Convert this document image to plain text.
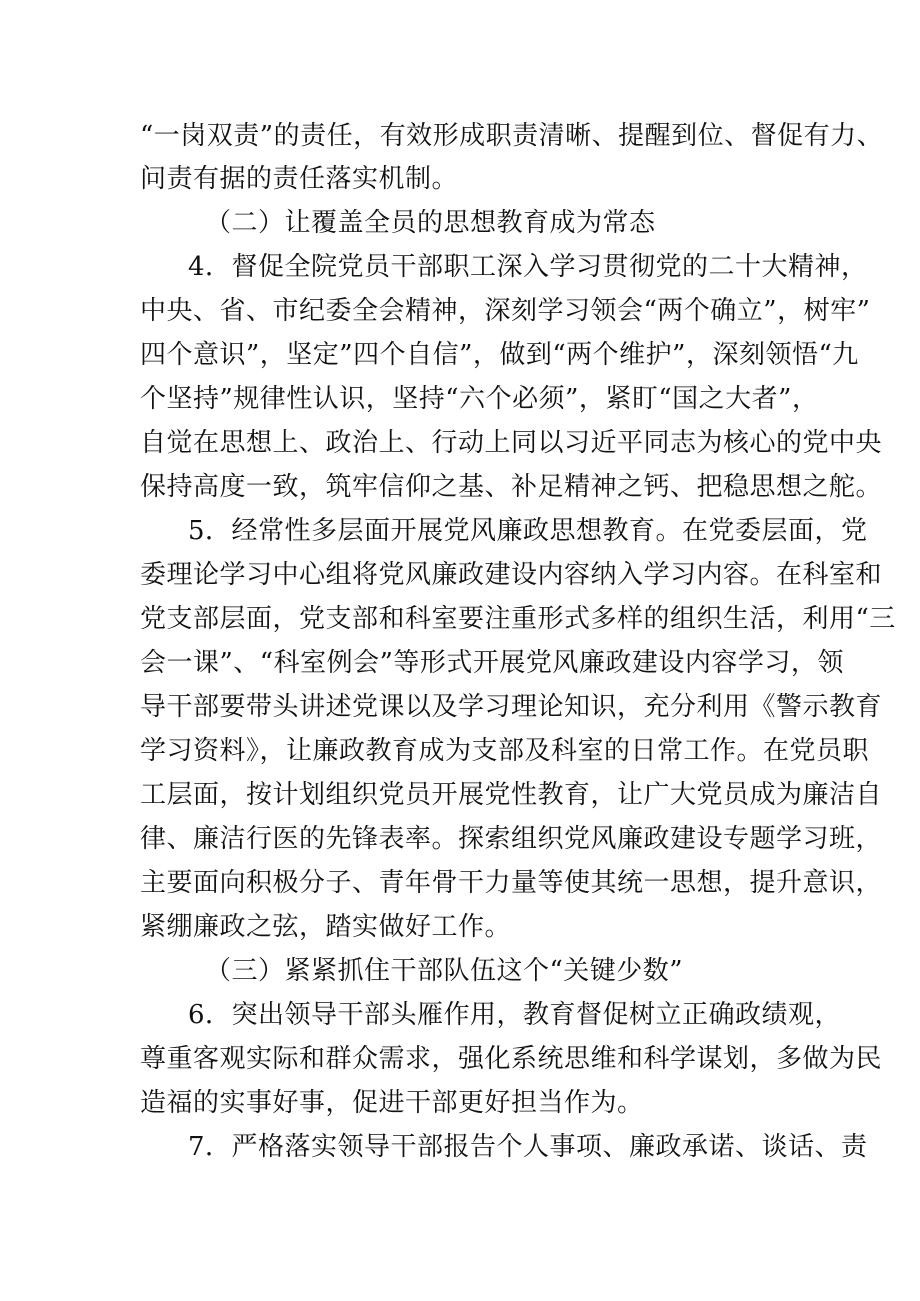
“一岗双责”的责任，有效形成职责清晰、提醒到位、督促有力、
问责有据的责任落实机制。
（二）让覆盖全员的思想教育成为常态
4．督促全院党员干部职工深入学习贯彻党的二十大精神，
中央、省、市纪委全会精神，深刻学习领会“两个确立”，树牢”
四个意识”，坚定”四个自信”，做到“两个维护”，深刻领悟“九
个坚持”规律性认识，坚持“六个必须”，紧盯“国之大者”，
自觉在思想上、政治上、行动上同以习近平同志为核心的党中央
保持高度一致，筑牢信仰之基、补足精神之钙、把稳思想之舵。
5．经常性多层面开展党风廉政思想教育。在党委层面，党
委理论学习中心组将党风廉政建设内容纳入学习内容。在科室和
党支部层面，党支部和科室要注重形式多样的组织生活，利用“三
会一课”、“科室例会”等形式开展党风廉政建设内容学习，领
导干部要带头讲述党课以及学习理论知识，充分利用《警示教育
学习资料》，让廉政教育成为支部及科室的日常工作。在党员职
工层面，按计划组织党员开展党性教育，让广大党员成为廉洁自
律、廉洁行医的先锋表率。探索组织党风廉政建设专题学习班，
主要面向积极分子、青年骨干力量等使其统一思想，提升意识，
紧绷廉政之弦，踏实做好工作。
（三）紧紧抓住干部队伍这个“关键少数”
6．突出领导干部头雁作用，教育督促树立正确政绩观，
尊重客观实际和群众需求，强化系统思维和科学谋划，多做为民
造福的实事好事，促进干部更好担当作为。
7．严格落实领导干部报告个人事项、廉政承诺、谈话、责
